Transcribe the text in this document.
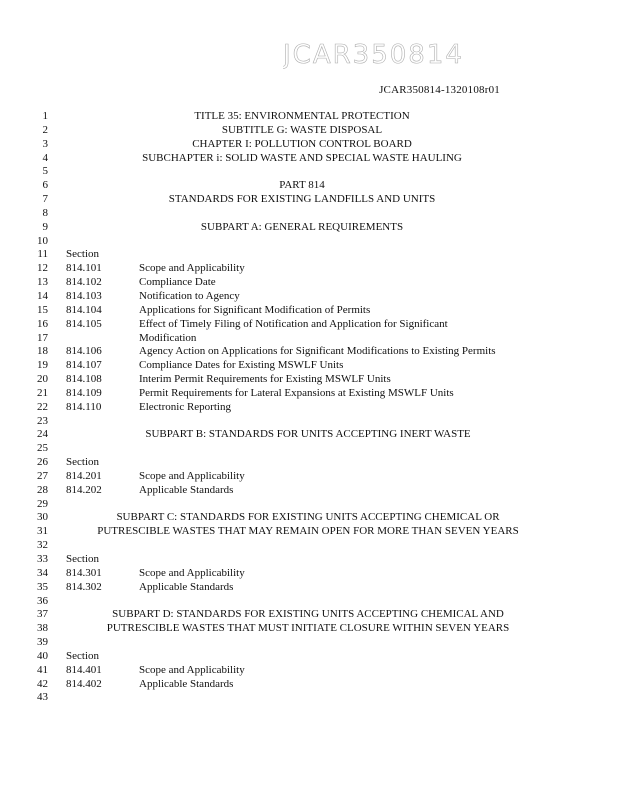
JCAR350814
JCAR350814-1320108r01
1	TITLE 35: ENVIRONMENTAL PROTECTION
2	SUBTITLE G: WASTE DISPOSAL
3	CHAPTER I: POLLUTION CONTROL BOARD
4	SUBCHAPTER i: SOLID WASTE AND SPECIAL WASTE HAULING
5
6	PART 814
7	STANDARDS FOR EXISTING LANDFILLS AND UNITS
8
9	SUBPART A: GENERAL REQUIREMENTS
10
11 Section
12 814.101	Scope and Applicability
13 814.102	Compliance Date
14 814.103	Notification to Agency
15 814.104	Applications for Significant Modification of Permits
16 814.105	Effect of Timely Filing of Notification and Application for Significant
17	Modification
18 814.106	Agency Action on Applications for Significant Modifications to Existing Permits
19 814.107	Compliance Dates for Existing MSWLF Units
20 814.108	Interim Permit Requirements for Existing MSWLF Units
21 814.109	Permit Requirements for Lateral Expansions at Existing MSWLF Units
22 814.110	Electronic Reporting
23
24	SUBPART B: STANDARDS FOR UNITS ACCEPTING INERT WASTE
25
26 Section
27 814.201	Scope and Applicability
28 814.202	Applicable Standards
29
30	SUBPART C: STANDARDS FOR EXISTING UNITS ACCEPTING CHEMICAL OR
31	PUTRESCIBLE WASTES THAT MAY REMAIN OPEN FOR MORE THAN SEVEN YEARS
32
33 Section
34 814.301	Scope and Applicability
35 814.302	Applicable Standards
36
37	SUBPART D: STANDARDS FOR EXISTING UNITS ACCEPTING CHEMICAL AND
38	PUTRESCIBLE WASTES THAT MUST INITIATE CLOSURE WITHIN SEVEN YEARS
39
40 Section
41 814.401	Scope and Applicability
42 814.402	Applicable Standards
43
